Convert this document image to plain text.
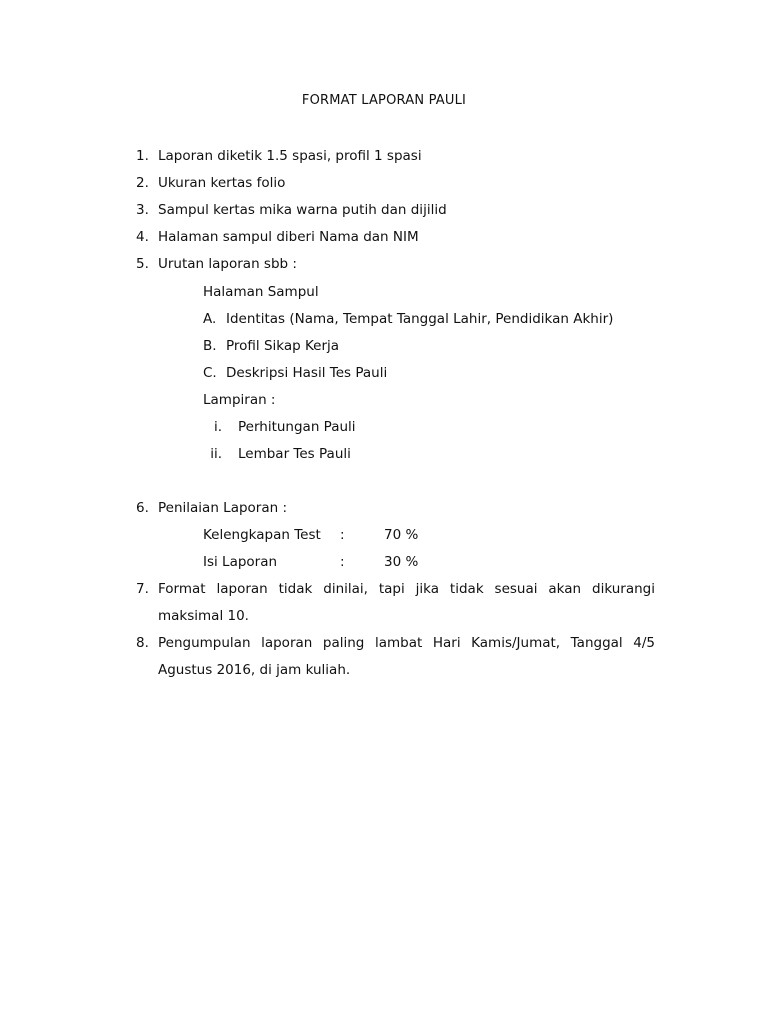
FORMAT LAPORAN PAULI
1. Laporan diketik 1.5 spasi, profil 1 spasi
2. Ukuran kertas folio
3. Sampul kertas mika warna putih dan dijilid
4. Halaman sampul diberi Nama dan NIM
5. Urutan laporan sbb :
Halaman Sampul
A. Identitas (Nama, Tempat Tanggal Lahir, Pendidikan Akhir)
B. Profil Sikap Kerja
C. Deskripsi Hasil Tes Pauli
Lampiran :
i. Perhitungan Pauli
ii. Lembar Tes Pauli
6. Penilaian Laporan :
Kelengkapan Test :	70 %
Isi Laporan	:	30 %
7. Format laporan tidak dinilai, tapi jika tidak sesuai akan dikurangi
maksimal 10.
8. Pengumpulan laporan paling lambat Hari Kamis/Jumat, Tanggal 4/5
Agustus 2016, di jam kuliah.
